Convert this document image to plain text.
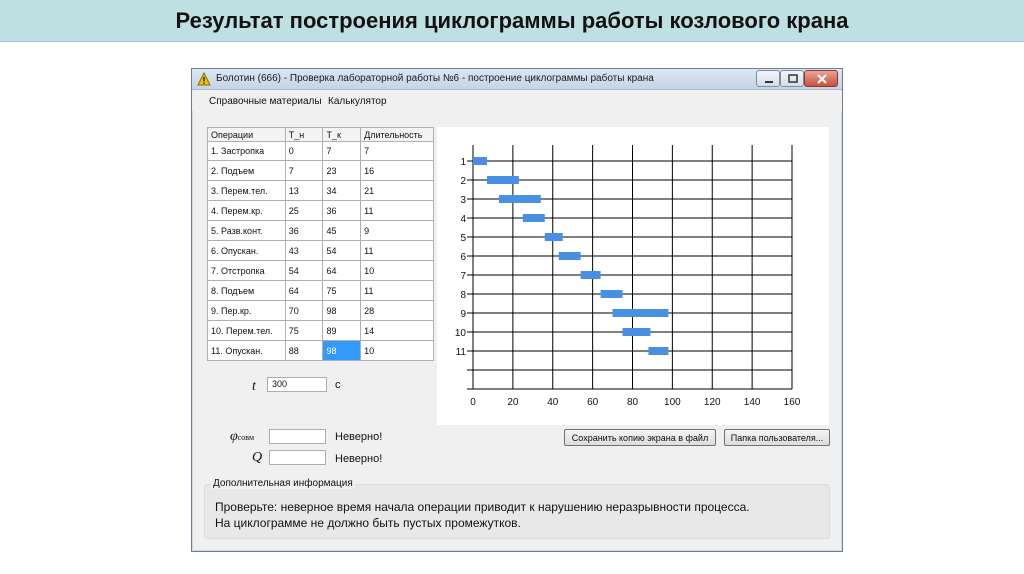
Результат построения циклограммы работы козлового крана
Болотин (666) - Проверка лабораторной работы №6 - построение циклограммы работы крана
Справочные материалы Калькулятор
Операции	T_н	T_к	Длительность
1. Застропка	0	7	7
2. Подъем	7	23	16
3. Перем.тел.	13	34	21
4. Перем.кр.	25	36	11
5. Разв.конт.	36	45	9
6. Опускан.	43	54	11
7. Отстропка	54	64	10
8. Подъем	64	75	11
9. Пер.кр.	70	98	28
10. Перем.тел.	75	89	14
11. Опускан.	88	98	10
t	300	с
φсовм	Неверно!
Q	Неверно!
1
2
3
4
5
6
7
8
9
10
11
0	20	40	60	80	100 120 140 160
Сохранить копию экрана в файл	Папка пользователя...
Дополнительная информация
Проверьте: неверное время начала операции приводит к нарушению неразрывности процесса.
На циклограмме не должно быть пустых промежутков.
